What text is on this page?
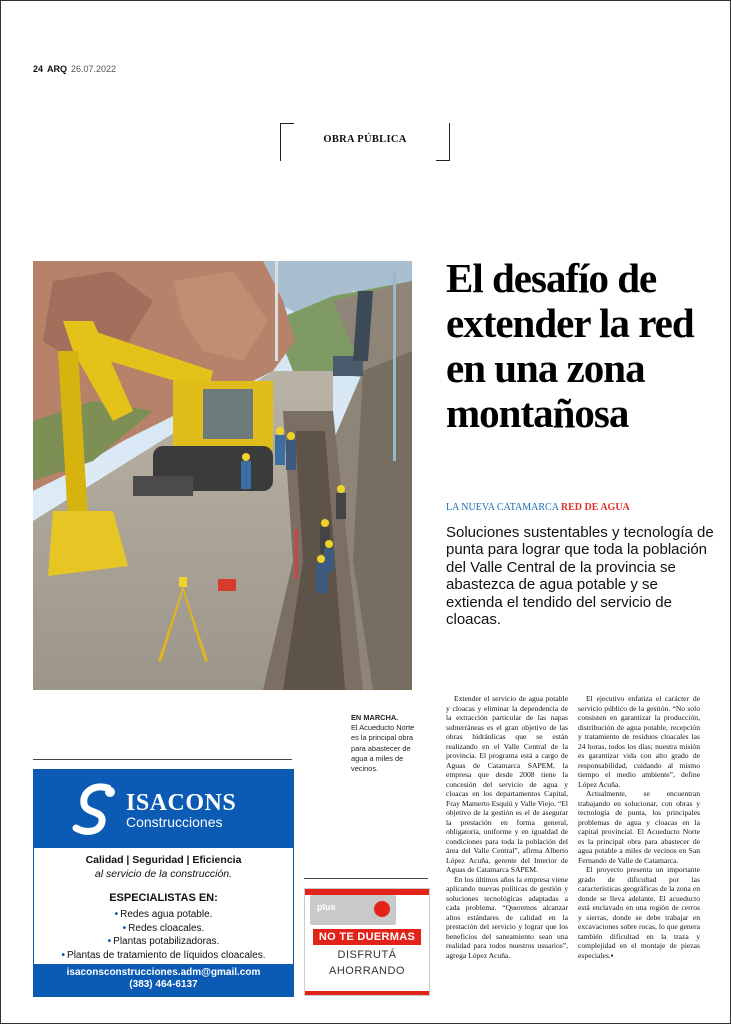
24 ARQ 26.07.2022
OBRA PÚBLICA
EN MARCHA.
El Acueducto Norte es la principal obra para abastecer de agua a miles de vecinos.
El desafío de extender la red en una zona montañosa
LA NUEVA CATAMARCA RED DE AGUA

Soluciones sustentables y tecnología de punta para lograr que toda la población del Valle Central de la provincia se abastezca de agua potable y se extienda el tendido del servicio de cloacas.

Extender el servicio de agua potable y cloacas y eliminar la dependencia de la extracción particular de las napas subterráneas es el gran objetivo de las obras hidráulicas que se están realizando en el Valle Central de la provincia. El programa está a cargo de Aguas de Catamarca SAPEM, la empresa que desde 2008 tiene la concesión del servicio de agua y cloacas en los departamentos Capital, Fray Mamerto Esquiú y Valle Viejo. “El objetivo de la gestión es el de asegurar la prestación en forma general, obligatoria, uniforme y en igualdad de condiciones para toda la población del área del Valle Central”, afirma Alberto López Acuña, gerente del Interior de Aguas de Catamarca SAPEM.

En los últimos años la empresa viene aplicando nuevas políticas de gestión y soluciones tecnológicas adaptadas a cada problema. “Queremos alcanzar altos estándares de calidad en la prestación del servicio y lograr que los beneficios del saneamiento sean una realidad para todos nuestros usuarios”, agrega López Acuña.

El ejecutivo enfatiza el carácter de servicio público de la gestión. “No solo consisten en garantizar la producción, distribución de agua potable, recepción y tratamiento de residuos cloacales las 24 horas, todos los días; nuestra misión es garantizar vida con alto grado de responsabilidad, cuidando al mismo tiempo el medio ambiente”, define López Acuña.

Actualmente, se encuentran trabajando en solucionar, con obras y tecnología de punta, los principales problemas de agua y cloacas en la capital provincial. El Acueducto Norte es la principal obra para abastecer de agua potable a miles de vecinos en San Fernando de Valle de Catamarca.

El proyecto presenta un importante grado de dificultad por las características geográficas de la zona en donde se lleva adelante. El acueducto está enclavado en una región de cerros y sierras, donde se debe trabajar en excavaciones sobre rocas, lo que genera también dificultad en la traza y complejidad en el montaje de piezas especiales.▪

ISACONS
Construcciones
Calidad | Seguridad | Eficiencia
al servicio de la construcción.
ESPECIALISTAS EN:
• Redes agua potable.
• Redes cloacales.
• Plantas potabilizadoras.
• Plantas de tratamiento de líquidos cloacales.
isaconsconstrucciones.adm@gmail.com
(383) 464-6137
plus
NO TE DUERMAS
DISFRUTÁ
AHORRANDO
